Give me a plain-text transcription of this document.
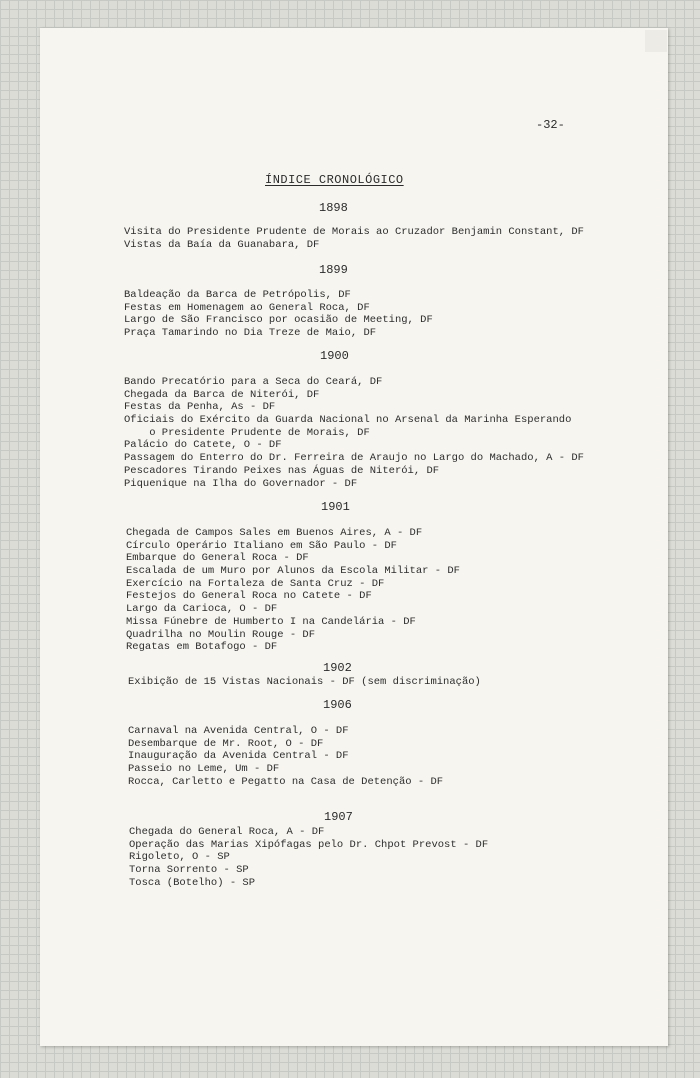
-32-
ÍNDICE CRONOLÓGICO
1898
Visita do Presidente Prudente de Morais ao Cruzador Benjamin Constant, DF
Vistas da Baía da Guanabara, DF
1899
Baldeação da Barca de Petrópolis, DF
Festas em Homenagem ao General Roca, DF
Largo de São Francisco por ocasião de Meeting, DF
Praça Tamarindo no Dia Treze de Maio, DF
1900
Bando Precatório para a Seca do Ceará, DF
Chegada da Barca de Niterói, DF
Festas da Penha, As - DF
Oficiais do Exército da Guarda Nacional no Arsenal da Marinha Esperando
o Presidente Prudente de Morais, DF
Palácio do Catete, O - DF
Passagem do Enterro do Dr. Ferreira de Araujo no Largo do Machado, A - DF
Pescadores Tirando Peixes nas Águas de Niterói, DF
Piquenique na Ilha do Governador - DF
1901
Chegada de Campos Sales em Buenos Aires, A - DF
Círculo Operário Italiano em São Paulo - DF
Embarque do General Roca - DF
Escalada de um Muro por Alunos da Escola Militar - DF
Exercício na Fortaleza de Santa Cruz - DF
Festejos do General Roca no Catete - DF
Largo da Carioca, O - DF
Missa Fúnebre de Humberto I na Candelária - DF
Quadrilha no Moulin Rouge - DF
Regatas em Botafogo - DF
1902
Exibição de 15 Vistas Nacionais - DF (sem discriminação)
1906
Carnaval na Avenida Central, O - DF
Desembarque de Mr. Root, O - DF
Inauguração da Avenida Central - DF
Passeio no Leme, Um - DF
Rocca, Carletto e Pegatto na Casa de Detenção - DF
1907
Chegada do General Roca, A - DF
Operação das Marias Xipófagas pelo Dr. Chpot Prevost - DF
Rigoleto, O - SP
Torna Sorrento - SP
Tosca (Botelho) - SP
